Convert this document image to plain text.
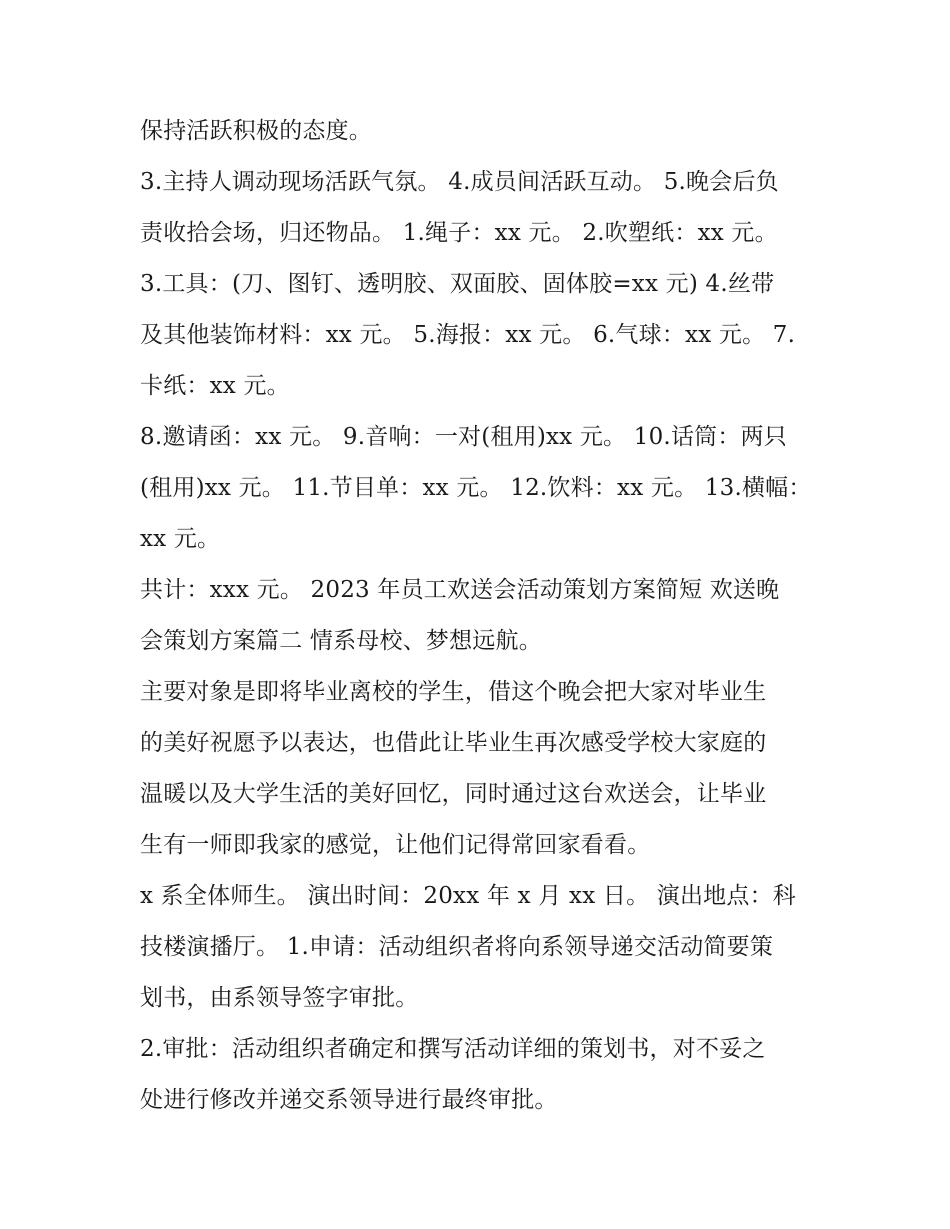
保持活跃积极的态度。
3.主持人调动现场活跃气氛。 4.成员间活跃互动。 5.晚会后负
责收拾会场，归还物品。 1.绳子：xx 元。 2.吹塑纸：xx 元。
3.工具：(刀、图钉、透明胶、双面胶、固体胶=xx 元) 4.丝带
及其他装饰材料：xx 元。 5.海报：xx 元。 6.气球：xx 元。 7.
卡纸：xx 元。
8.邀请函：xx 元。 9.音响：一对(租用)xx 元。 10.话筒：两只
(租用)xx 元。 11.节目单：xx 元。 12.饮料：xx 元。 13.横幅：
xx 元。
共计：xxx 元。 2023 年员工欢送会活动策划方案简短 欢送晚
会策划方案篇二 情系母校、梦想远航。
主要对象是即将毕业离校的学生，借这个晚会把大家对毕业生
的美好祝愿予以表达，也借此让毕业生再次感受学校大家庭的
温暖以及大学生活的美好回忆，同时通过这台欢送会，让毕业
生有一师即我家的感觉，让他们记得常回家看看。
x 系全体师生。 演出时间：20xx 年 x 月 xx 日。 演出地点：科
技楼演播厅。 1.申请：活动组织者将向系领导递交活动简要策
划书，由系领导签字审批。
2.审批：活动组织者确定和撰写活动详细的策划书，对不妥之
处进行修改并递交系领导进行最终审批。
